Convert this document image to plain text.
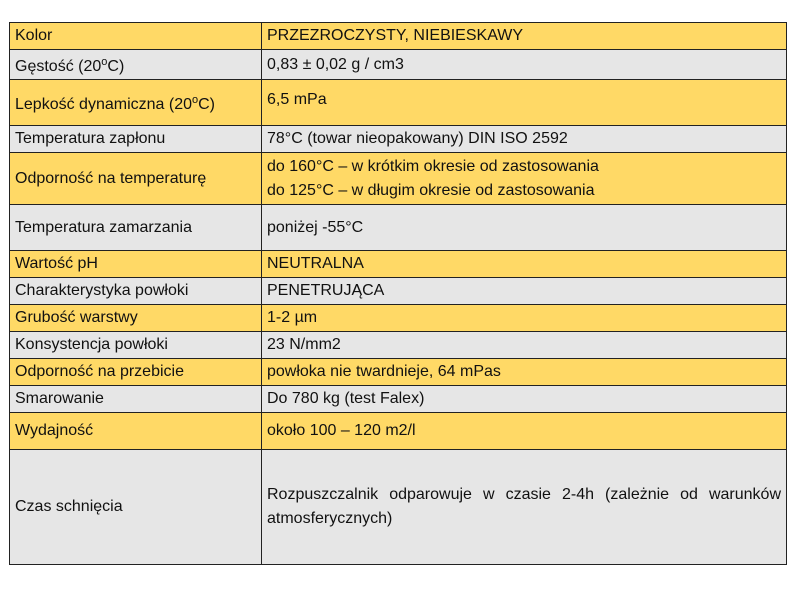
Kolor	PRZEZROCZYSTY, NIEBIESKAWY
Gęstość (20$^o$C)	0,83 ± 0,02 g / cm3
Lepkość dynamiczna (20$^o$C)	6,5 mPa
Temperatura zapłonu	78°C (towar nieopakowany) DIN ISO 2592
Odporność na temperaturę	do 160°C – w krótkim okresie od zastosowania
do 125°C – w długim okresie od zastosowania

Temperatura zamarzania	poniżej -55°C
Wartość pH	NEUTRALNA
Charakterystyka powłoki	PENETRUJĄCA
Grubość warstwy	1-2 µm
Konsystencja powłoki	23 N/mm2
Odporność na przebicie	powłoka nie twardnieje, 64 mPas
Smarowanie	Do 780 kg (test Falex)
Wydajność	około 100 – 120 m2/l
Czas schnięcia	Rozpuszczalnik odparowuje w czasie 2-4h (zależnie od warunków atmosferycznych)
